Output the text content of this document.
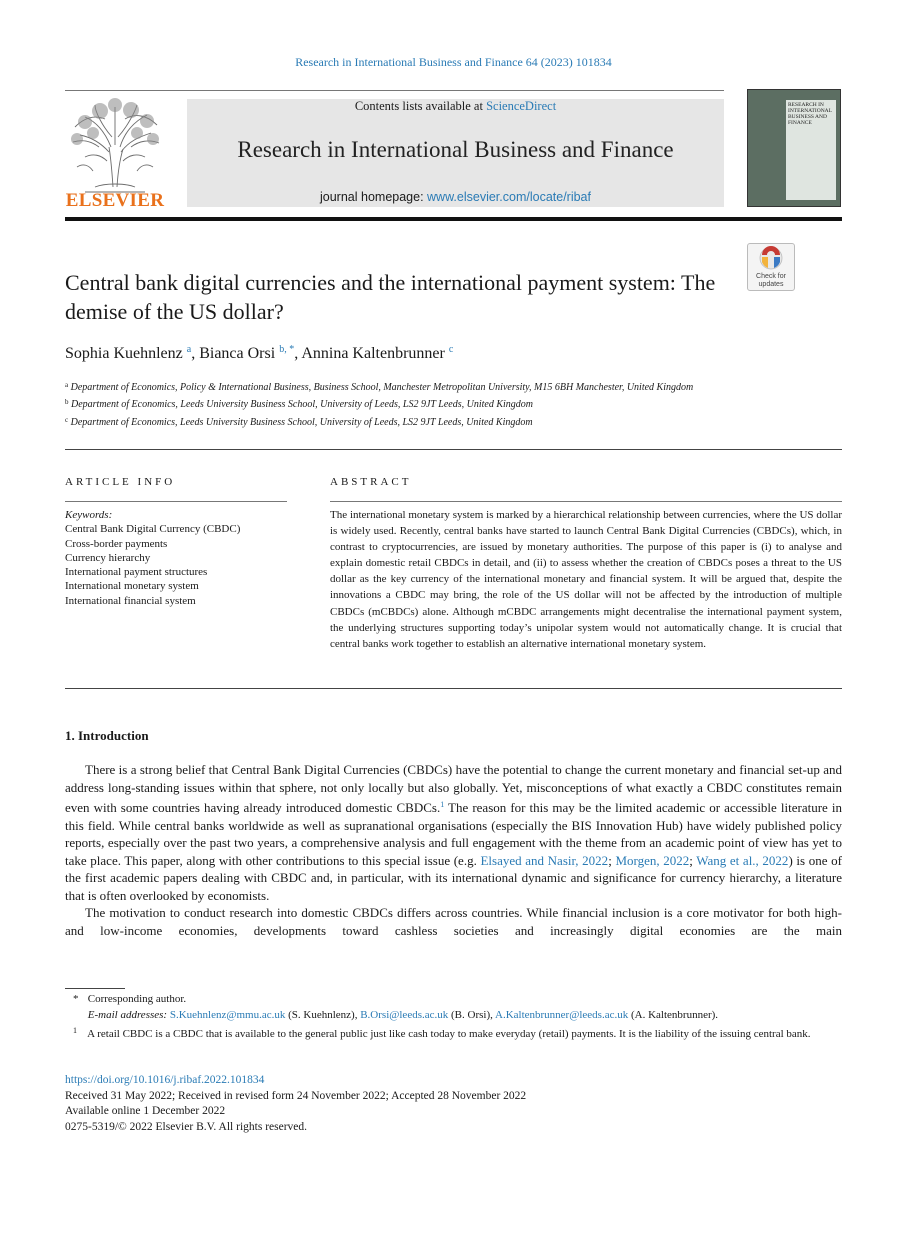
Research in International Business and Finance 64 (2023) 101834
ELSEVIER
Contents lists available at ScienceDirect
Research in International Business and Finance
journal homepage: www.elsevier.com/locate/ribaf
RESEARCH IN INTERNATIONAL BUSINESS AND FINANCE
Check for updates
Central bank digital currencies and the international payment system: The demise of the US dollar?
Sophia Kuehnlenz $^a$, Bianca Orsi $^{b, *}$, Annina Kaltenbrunner $^c$
$^a$ Department of Economics, Policy & International Business, Business School, Manchester Metropolitan University, M15 6BH Manchester, United Kingdom
$^b$ Department of Economics, Leeds University Business School, University of Leeds, LS2 9JT Leeds, United Kingdom
$^c$ Department of Economics, Leeds University Business School, University of Leeds, LS2 9JT Leeds, United Kingdom
ARTICLE INFO	ABSTRACT
Keywords:
Central Bank Digital Currency (CBDC)
Cross-border payments
Currency hierarchy
International payment structures
International monetary system
International financial system
The international monetary system is marked by a hierarchical relationship between currencies, where the US dollar is widely used. Recently, central banks have started to launch Central Bank Digital Currencies (CBDCs), which, in contrast to cryptocurrencies, are issued by monetary authorities. The purpose of this paper is (i) to analyse and explain domestic retail CBDCs in detail, and (ii) to assess whether the creation of CBDCs poses a threat to the US dollar as the key currency of the international monetary and financial system. It will be argued that, despite the innovations a CBDC may bring, the role of the US dollar will not be affected by the introduction of multiple CBDCs (mCBDCs) alone. Although mCBDC arrangements might decentralise the international payment system, the underlying structures supporting today’s unipolar system would not automatically change. It is crucial that central banks work together to establish an alternative international monetary system.
1. Introduction

There is a strong belief that Central Bank Digital Currencies (CBDCs) have the potential to change the current monetary and financial set-up and address long-standing issues within that sphere, not only locally but also globally. Yet, misconceptions of what exactly a CBDC constitutes remain even with some countries having already introduced domestic CBDCs.$^1$ The reason for this may be the limited academic or accessible literature in this field. While central banks worldwide as well as supranational organisations (especially the BIS Innovation Hub) have widely published policy reports, especially over the past two years, a comprehensive analysis and full engagement with the theme from an academic point of view has yet to take place. This paper, along with other contributions to this special issue (e.g. Elsayed and Nasir, 2022; Morgen, 2022; Wang et al., 2022) is one of the first academic papers dealing with CBDC and, in particular, with its international dynamic and significance for currency hierarchy, a literature that is often overlooked by economists.

The motivation to conduct research into domestic CBDCs differs across countries. While financial inclusion is a core motivator for both high-and low-income economies, developments toward cashless societies and increasingly digital economies are the main

* Corresponding author.
E-mail addresses: S.Kuehnlenz@mmu.ac.uk (S. Kuehnlenz), B.Orsi@leeds.ac.uk (B. Orsi), A.Kaltenbrunner@leeds.ac.uk (A. Kaltenbrunner).
1 A retail CBDC is a CBDC that is available to the general public just like cash today to make everyday (retail) payments. It is the liability of the issuing central bank.
https://doi.org/10.1016/j.ribaf.2022.101834
Received 31 May 2022; Received in revised form 24 November 2022; Accepted 28 November 2022
Available online 1 December 2022
0275-5319/© 2022 Elsevier B.V. All rights reserved.
